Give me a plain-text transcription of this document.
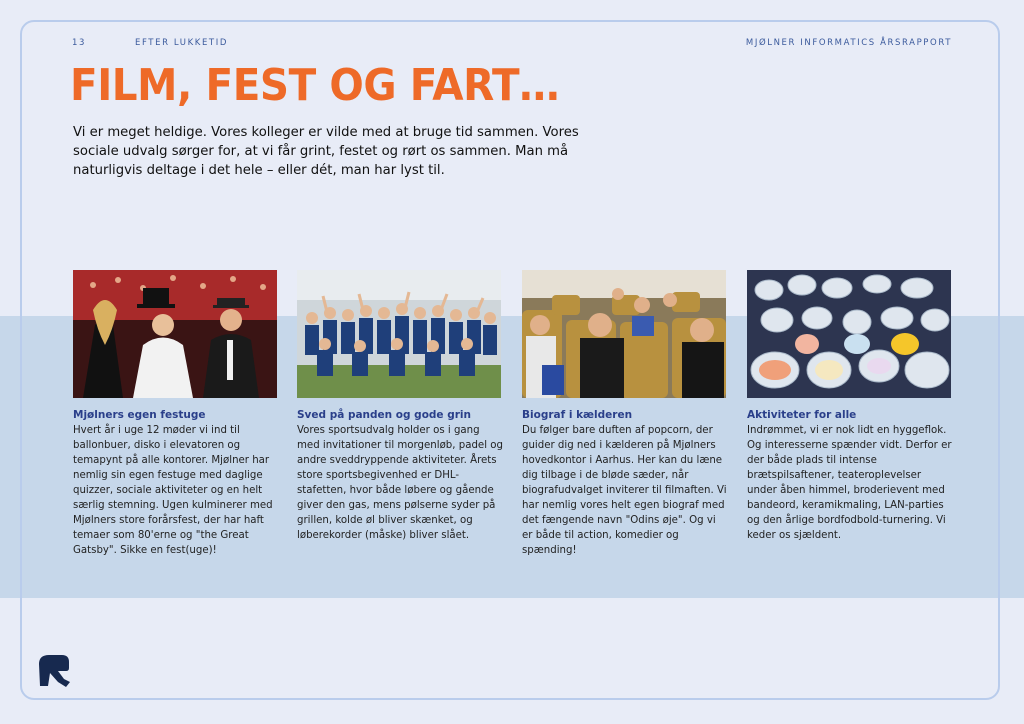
13	EFTER LUKKETID	MJØLNER INFORMATICS ÅRSRAPPORT
FILM, FEST OG FART…

Vi er meget heldige. Vores kolleger er vilde med at bruge tid sammen. Vores sociale udvalg sørger for, at vi får grint, festet og rørt os sammen. Man må naturligvis deltage i det hele – eller dét, man har lyst til.

Mjølners egen festuge

Hvert år i uge 12 møder vi ind til ballonbuer, disko i elevatoren og temapynt på alle kontorer. Mjølner har nemlig sin egen festuge med daglige quizzer, sociale aktiviteter og en helt særlig stemning. Ugen kulminerer med Mjølners store forårsfest, der har haft temaer som 80'erne og "the Great Gatsby". Sikke en fest(uge)!

Sved på panden og gode grin

Vores sportsudvalg holder os i gang med invitationer til morgenløb, padel og andre sveddryppende aktiviteter. Årets store sportsbegivenhed er DHL-stafetten, hvor både løbere og gående giver den gas, mens pølserne syder på grillen, kolde øl bliver skænket, og løberekorder (måske) bliver slået.

Biograf i kælderen

Du følger bare duften af popcorn, der guider dig ned i kælderen på Mjølners hovedkontor i Aarhus. Her kan du læne dig tilbage i de bløde sæder, når biografudvalget inviterer til filmaften. Vi har nemlig vores helt egen biograf med det fængende navn "Odins øje". Og vi er både til action, komedier og spænding!

Aktiviteter for alle

Indrømmet, vi er nok lidt en hyggeflok. Og interesserne spænder vidt. Derfor er der både plads til intense brætspilsaftener, teateroplevelser under åben himmel, broderievent med bandeord, keramikmaling, LAN-parties og den årlige bordfodbold-turnering. Vi keder os sjældent.
